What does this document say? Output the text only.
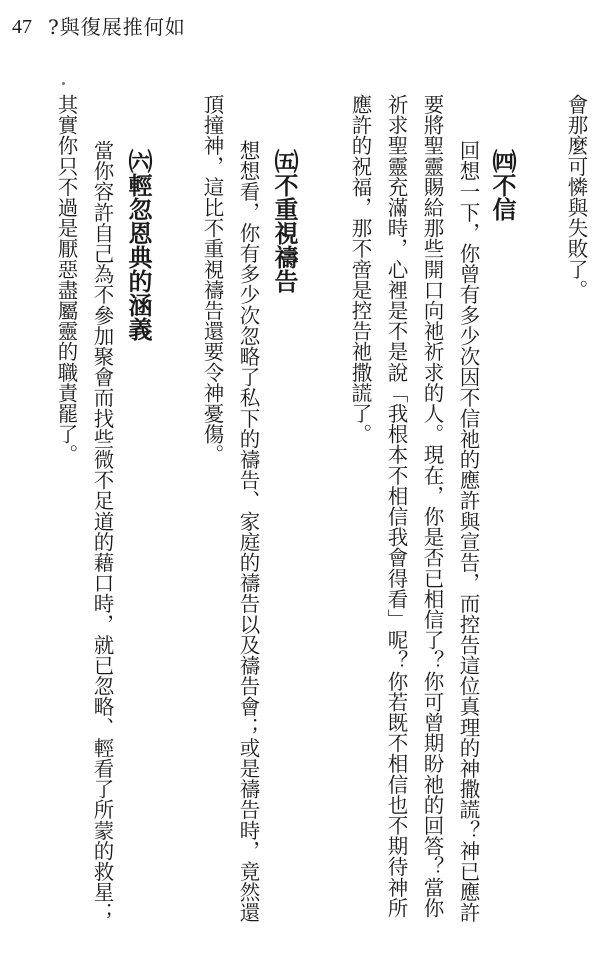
47 ?與復展推何如
會那麼可憐與失敗了。
㈣不信
回想一下，你曾有多少次因不信祂的應許與宣告，而控告這位真理的神撒謊？神已應許
要將聖靈賜給那些開口向祂祈求的人。現在，你是否已相信了？你可曾期盼祂的回答？當你
祈求聖靈充滿時，心裡是不是說「我根本不相信我會得看」呢？你若既不相信也不期待神所
應許的祝福，那不啻是控告祂撒謊了。
㈤不重視禱告
想想看，你有多少次忽略了私下的禱告、家庭的禱告以及禱告會；或是禱告時，竟然還
頂撞神，這比不重視禱告還要令神憂傷。
㈥輕忽恩典的涵義
當你容許自己為不參加聚會而找些微不足道的藉口時，就已忽略、輕看了所蒙的救星；
其實你只不過是厭惡盡屬靈的職責罷了。
